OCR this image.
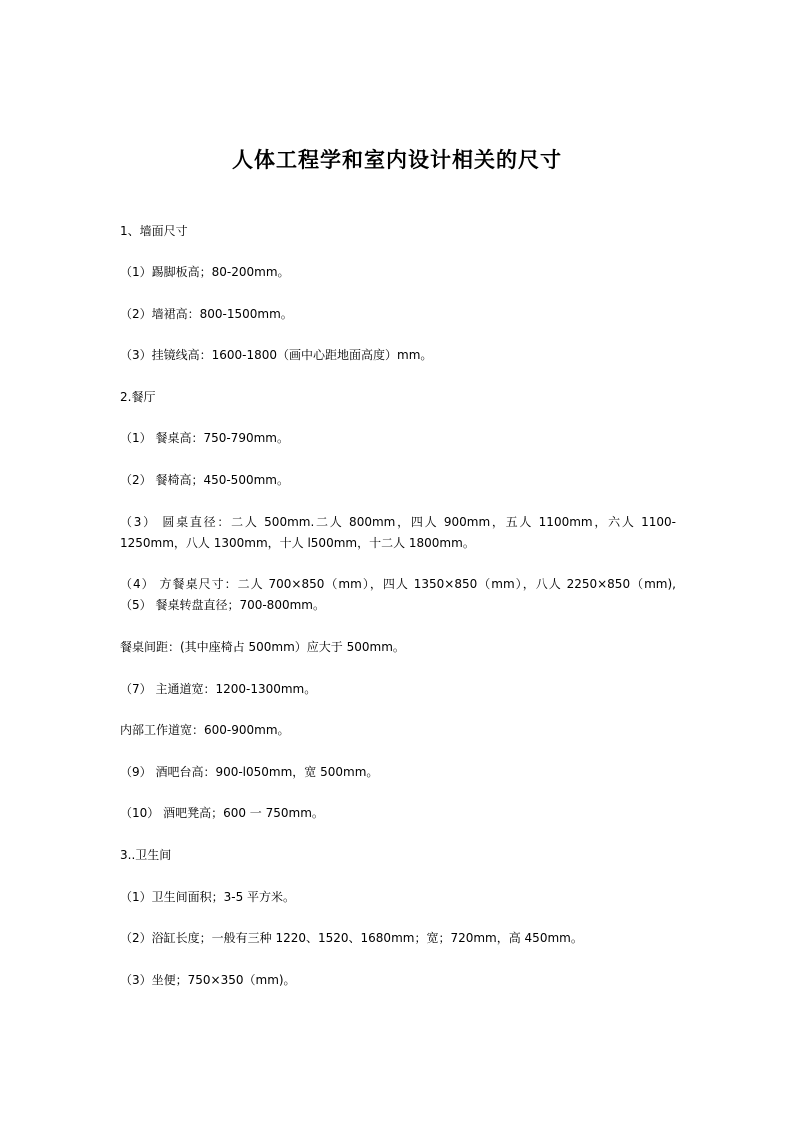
人体工程学和室内设计相关的尺寸

1、墙面尺寸

（1）踢脚板高；80-200mm。

（2）墙裙高：800-1500mm。

（3）挂镜线高：1600-1800（画中心距地面高度）mm。

2.餐厅

（1） 餐桌高：750-790mm。

（2） 餐椅高；450-500mm。

（3） 圆桌直径：二人 500mm.二人 800mm，四人 900mm，五人 1100mm，六人 1100-1250mm，八人 1300mm，十人 l500mm，十二人 1800mm。

（4） 方餐桌尺寸：二人 700×850（mm），四人 1350×850（mm），八人 2250×850（mm),（5） 餐桌转盘直径；700-800mm。

餐桌间距：(其中座椅占 500mm）应大于 500mm。

（7） 主通道宽：1200-1300mm。

内部工作道宽：600-900mm。

（9） 酒吧台高：900-l050mm，宽 500mm。

（10） 酒吧凳高；600 一 750mm。

3..卫生间

（1）卫生间面积；3-5 平方米。

（2）浴缸长度；一般有三种 1220、1520、1680mm；宽；720mm，高 450mm。

（3）坐便；750×350（mm)。
